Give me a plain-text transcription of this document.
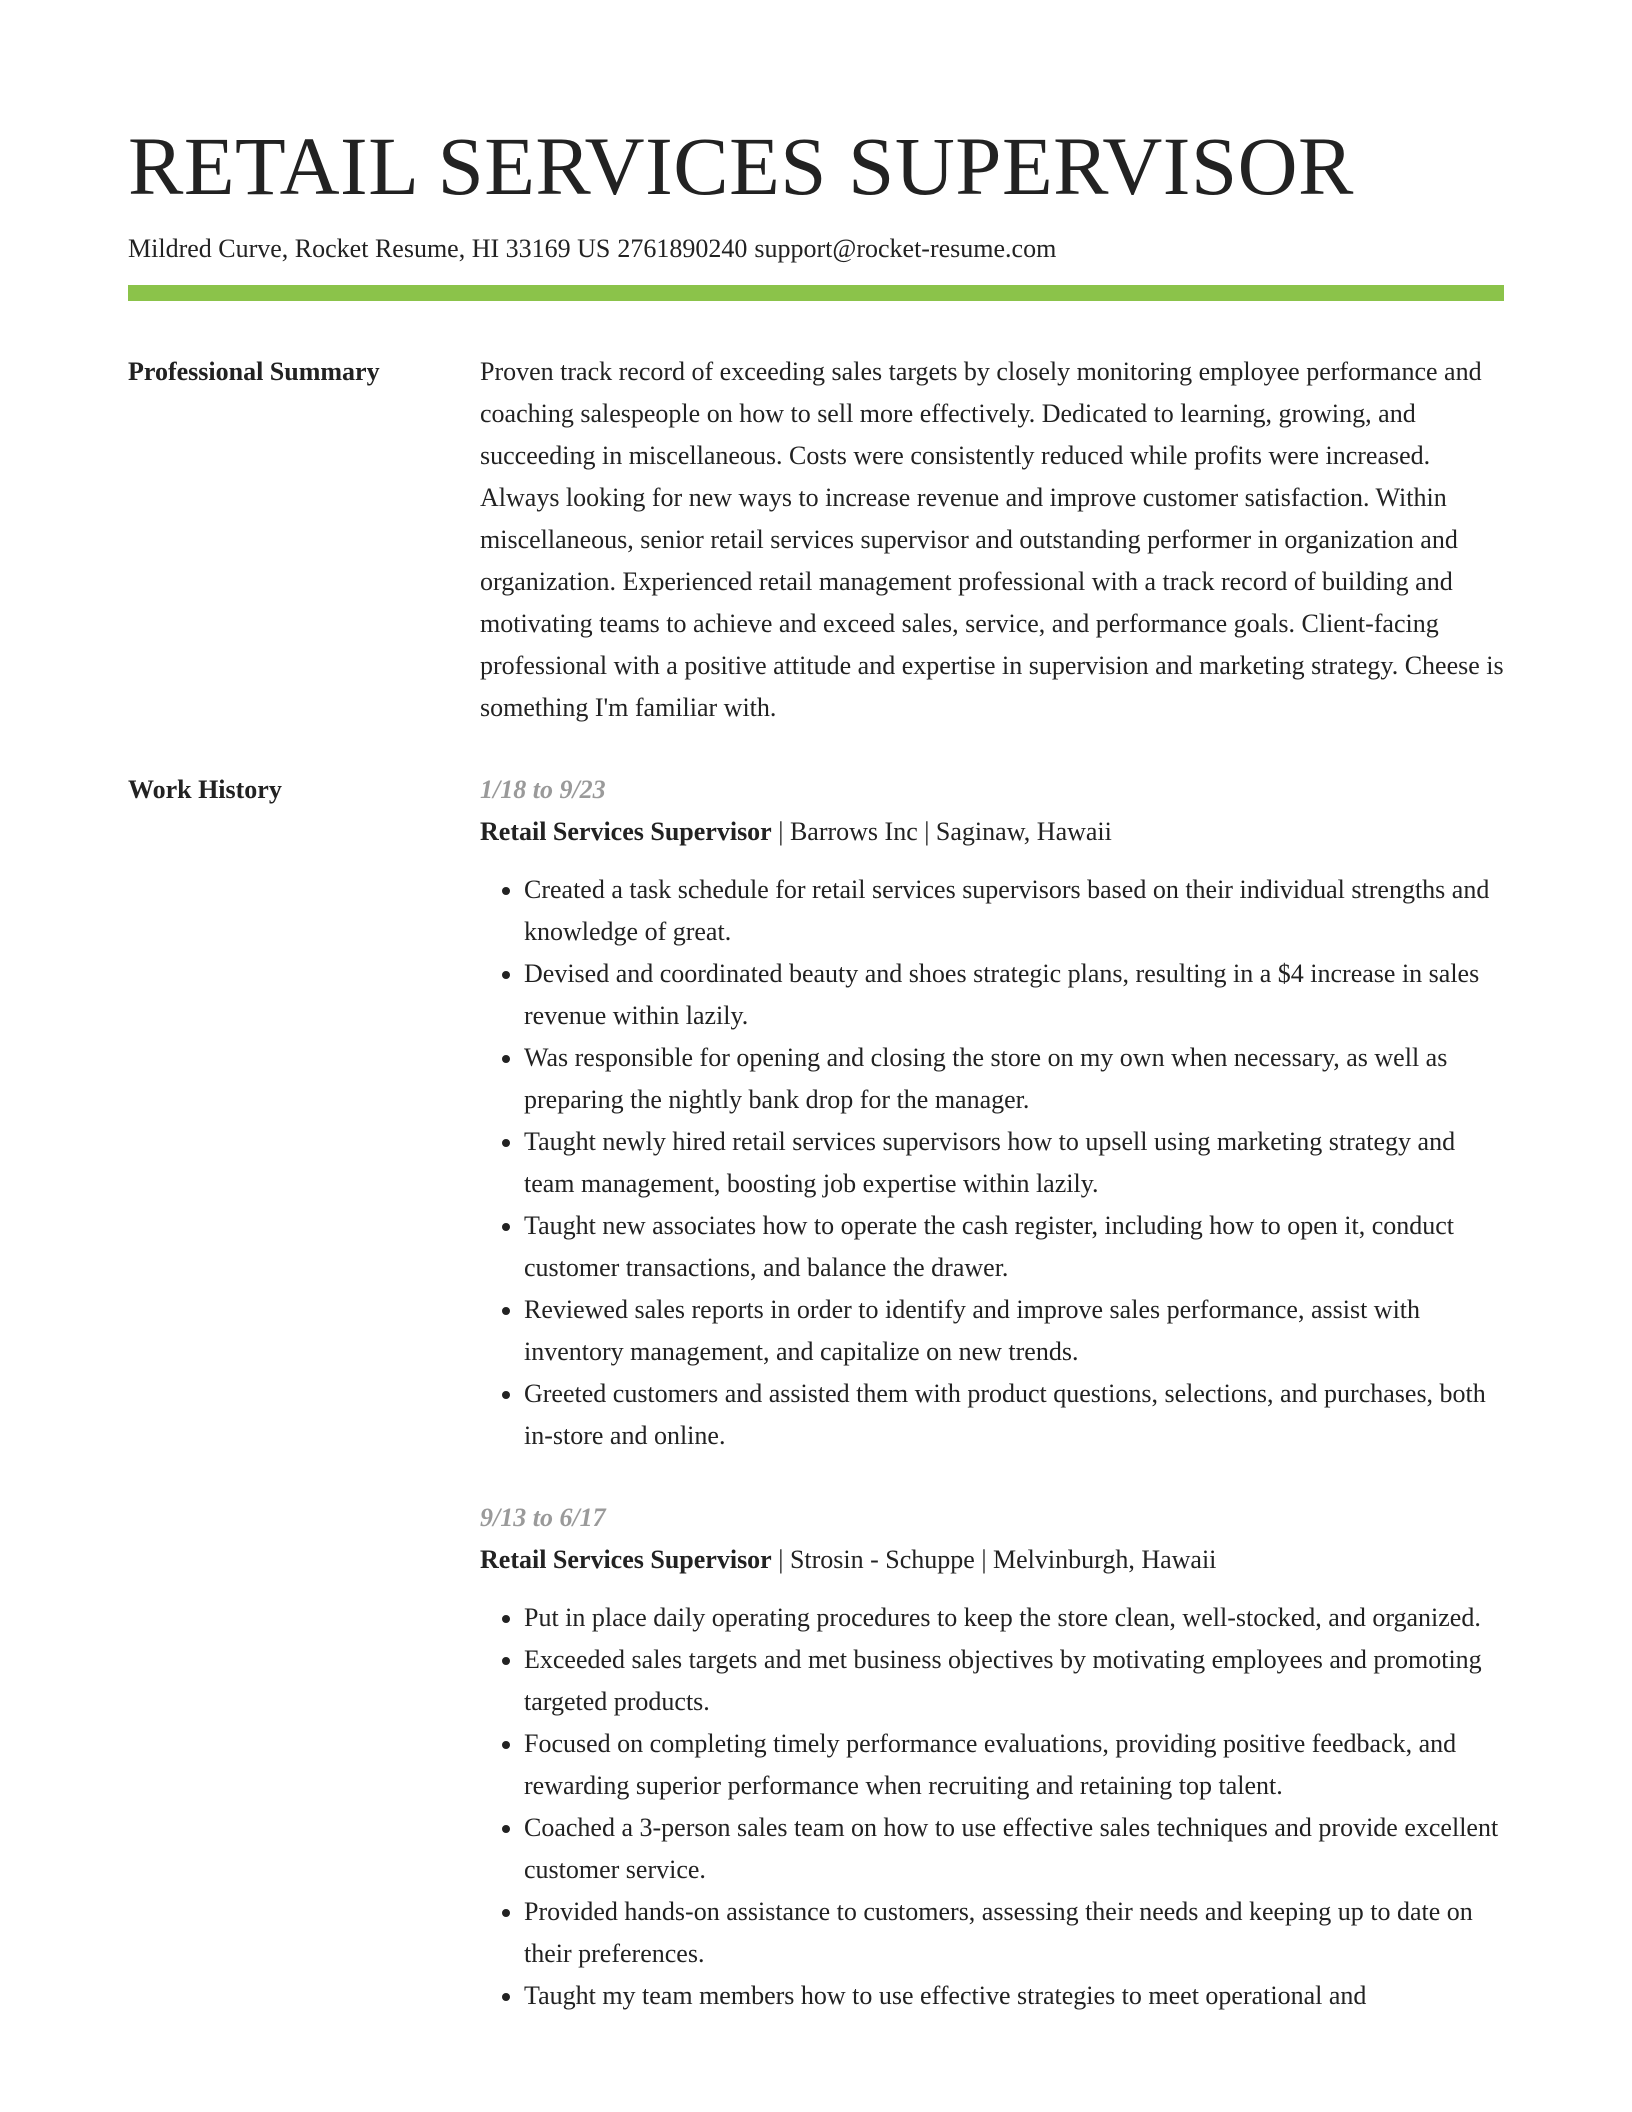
RETAIL SERVICES SUPERVISOR
Mildred Curve, Rocket Resume, HI 33169 US 2761890240 support@rocket-resume.com
Professional Summary	Proven track record of exceeding sales targets by closely monitoring employee performance and coaching salespeople on how to sell more effectively. Dedicated to learning, growing, and succeeding in miscellaneous. Costs were consistently reduced while profits were increased. Always looking for new ways to increase revenue and improve customer satisfaction. Within miscellaneous, senior retail services supervisor and outstanding performer in organization and organization. Experienced retail management professional with a track record of building and motivating teams to achieve and exceed sales, service, and performance goals. Client-facing professional with a positive attitude and expertise in supervision and marketing strategy. Cheese is something I'm familiar with.

Work History	1/18 to 9/23
Retail Services Supervisor | Barrows Inc | Saginaw, Hawaii
• Created a task schedule for retail services supervisors based on their individual strengths and knowledge of great.
• Devised and coordinated beauty and shoes strategic plans, resulting in a $4 increase in sales revenue within lazily.
• Was responsible for opening and closing the store on my own when necessary, as well as preparing the nightly bank drop for the manager.
• Taught newly hired retail services supervisors how to upsell using marketing strategy and team management, boosting job expertise within lazily.
• Taught new associates how to operate the cash register, including how to open it, conduct customer transactions, and balance the drawer.
• Reviewed sales reports in order to identify and improve sales performance, assist with inventory management, and capitalize on new trends.
• Greeted customers and assisted them with product questions, selections, and purchases, both in-store and online.
9/13 to 6/17
Retail Services Supervisor | Strosin - Schuppe | Melvinburgh, Hawaii
• Put in place daily operating procedures to keep the store clean, well-stocked, and organized.
• Exceeded sales targets and met business objectives by motivating employees and promoting targeted products.
• Focused on completing timely performance evaluations, providing positive feedback, and rewarding superior performance when recruiting and retaining top talent.
• Coached a 3-person sales team on how to use effective sales techniques and provide excellent customer service.
• Provided hands-on assistance to customers, assessing their needs and keeping up to date on their preferences.
• Taught my team members how to use effective strategies to meet operational and
